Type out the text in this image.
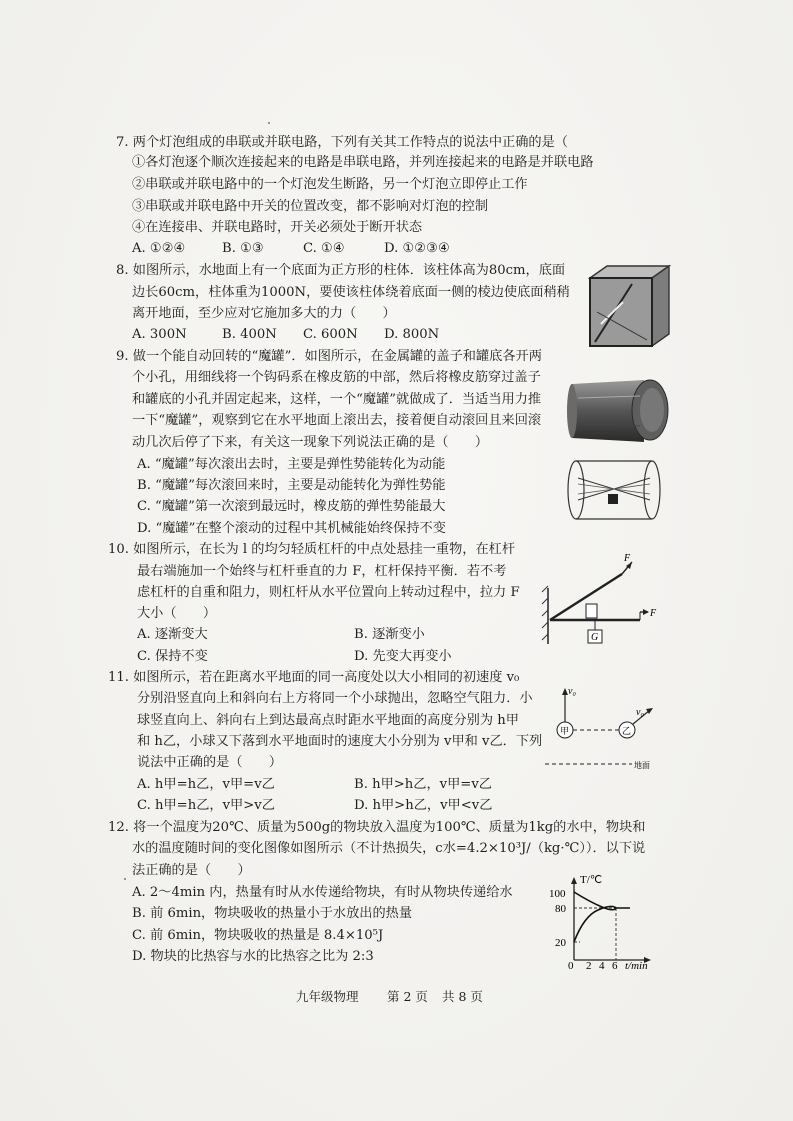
7. 两个灯泡组成的串联或并联电路，下列有关其工作特点的说法中正确的是（
①各灯泡逐个顺次连接起来的电路是串联电路，并列连接起来的电路是并联电路
②串联或并联电路中的一个灯泡发生断路，另一个灯泡立即停止工作
③串联或并联电路中开关的位置改变，都不影响对灯泡的控制
④在连接串、并联电路时，开关必须处于断开状态
A. ①②④	B. ①③	C. ①④	D. ①②③④
8. 如图所示，水地面上有一个底面为正方形的柱体．该柱体高为80cm，底面
边长60cm，柱体重为1000N，要使该柱体绕着底面一侧的棱边使底面稍稍
离开地面，至少应对它施加多大的力（　　）
A. 300N	B. 400N C. 600N D. 800N
9. 做一个能自动回转的“魔罐”．如图所示，在金属罐的盖子和罐底各开两
个小孔，用细线将一个钩码系在橡皮筋的中部，然后将橡皮筋穿过盖子
和罐底的小孔并固定起来，这样，一个“魔罐”就做成了．当适当用力推
一下“魔罐”，观察到它在水平地面上滚出去，接着便自动滚回且来回滚
动几次后停了下来，有关这一现象下列说法正确的是（　　）
A. “魔罐”每次滚出去时，主要是弹性势能转化为动能
B. “魔罐”每次滚回来时，主要是动能转化为弹性势能
C. “魔罐”第一次滚到最远时，橡皮筋的弹性势能最大
D. “魔罐”在整个滚动的过程中其机械能始终保持不变
10. 如图所示，在长为 l 的均匀轻质杠杆的中点处悬挂一重物，在杠杆
最右端施加一个始终与杠杆垂直的力 F，杠杆保持平衡．若不考
虑杠杆的自重和阻力，则杠杆从水平位置向上转动过程中，拉力 F
大小（　　）
A. 逐渐变大	B. 逐渐变小
C. 保持不变	D. 先变大再变小
F
F
G
11. 如图所示，若在距离水平地面的同一高度处以大小相同的初速度 v₀
分别沿竖直向上和斜向右上方将同一个小球抛出，忽略空气阻力．小
球竖直向上、斜向右上到达最高点时距水平地面的高度分别为 h甲
和 h乙，小球又下落到水平地面时的速度大小分别为 v甲和 v乙．下列
说法中正确的是（　　）
A. h甲=h乙，v甲=v乙	B. h甲>h乙，v甲=v乙
C. h甲=h乙，v甲>v乙	D. h甲>h乙，v甲<v乙
v₀
v₀
甲	乙
地面
12. 将一个温度为20℃、质量为500g的物块放入温度为100℃、质量为1kg的水中，物块和
水的温度随时间的变化图像如图所示（不计热损失，c水=4.2×10³J/（kg·℃））．以下说
法正确的是（　　）
A. 2～4min 内，热量有时从水传递给物块，有时从物块传递给水
B. 前 6min，物块吸收的热量小于水放出的热量
C. 前 6min，物块吸收的热量是 8.4×10⁵J
D. 物块的比热容与水的比热容之比为 2:3
T/℃
100
80
20
0 2 4 6 t/min
九年级物理 第 2 页 共 8 页
